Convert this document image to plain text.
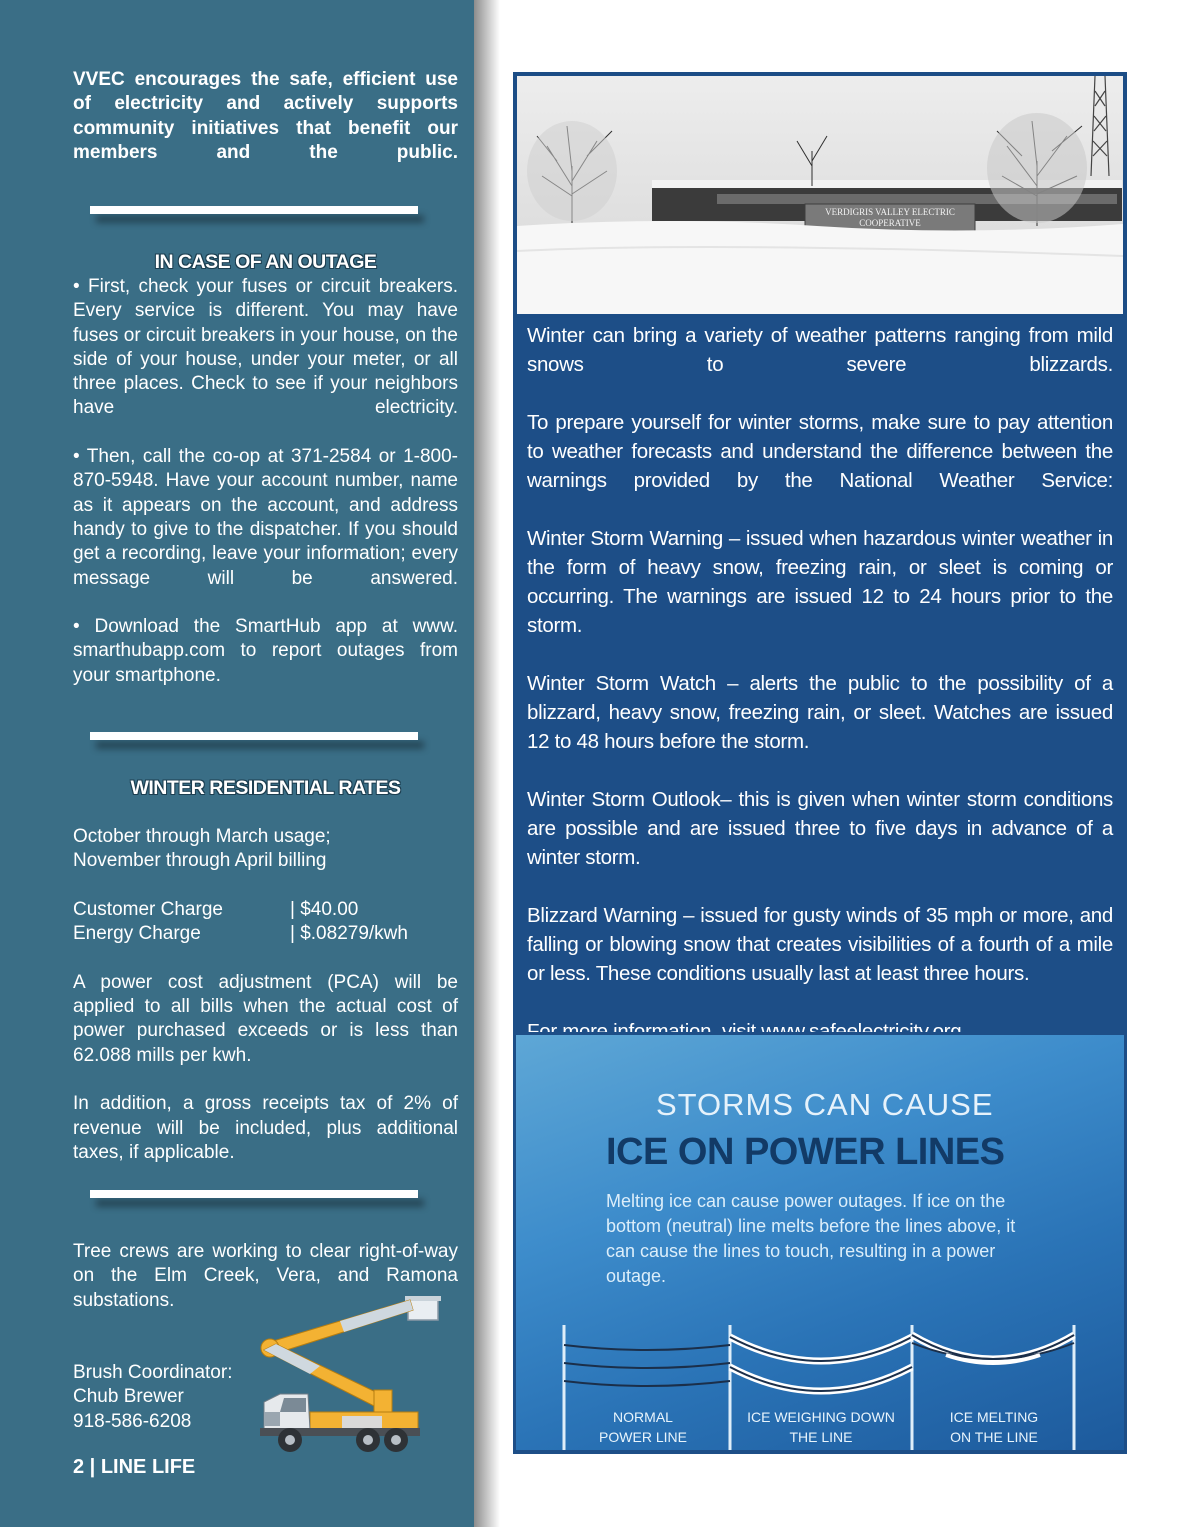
VVEC encourages the safe, efficient use of electricity and actively supports community initiatives that benefit our members and the public.
IN CASE OF AN OUTAGE

• First, check your fuses or circuit breakers. Every service is different. You may have fuses or circuit breakers in your house, on the side of your house, under your meter, or all three places. Check to see if your neighbors have electricity.

• Then, call the co-op at 371-2584 or 1-800-870-5948. Have your account number, name as it appears on the account, and address handy to give to the dispatcher. If you should get a recording, leave your information; every message will be answered.

• Download the SmartHub app at www. smarthubapp.com to report outages from your smartphone.

WINTER RESIDENTIAL RATES
October through March usage;
November through April billing
Customer Charge	| $40.00
Energy Charge	| $.08279/kwh

A power cost adjustment (PCA) will be applied to all bills when the actual cost of power purchased exceeds or is less than 62.088 mills per kwh.

In addition, a gross receipts tax of 2% of revenue will be included, plus additional taxes, if applicable.

Tree crews are working to clear right-of-way on the Elm Creek, Vera, and Ramona substations.
Brush Coordinator:
Chub Brewer
918-586-6208
2 | LINE LIFE
VERDIGRIS VALLEY ELECTRIC
COOPERATIVE

Winter can bring a variety of weather patterns ranging from mild snows to severe blizzards.

To prepare yourself for winter storms, make sure to pay attention to weather forecasts and understand the difference between the warnings provided by the National Weather Service:

Winter Storm Warning – issued when hazardous winter weather in the form of heavy snow, freezing rain, or sleet is coming or occurring. The warnings are issued 12 to 24 hours prior to the storm.

Winter Storm Watch – alerts the public to the possibility of a blizzard, heavy snow, freezing rain, or sleet. Watches are issued 12 to 48 hours before the storm.

Winter Storm Outlook– this is given when winter storm conditions are possible and are issued three to five days in advance of a winter storm.

Blizzard Warning – issued for gusty winds of 35 mph or more, and falling or blowing snow that creates visibilities of a fourth of a mile or less. These conditions usually last at least three hours.

STORMS CAN CAUSE
ICE ON POWER LINES
Melting ice can cause power outages. If ice on the bottom (neutral) line melts before the lines above, it can cause the lines to touch, resulting in a power outage.
NORMAL
POWER LINE
ICE WEIGHING DOWN
THE LINE
ICE MELTING
ON THE LINE
